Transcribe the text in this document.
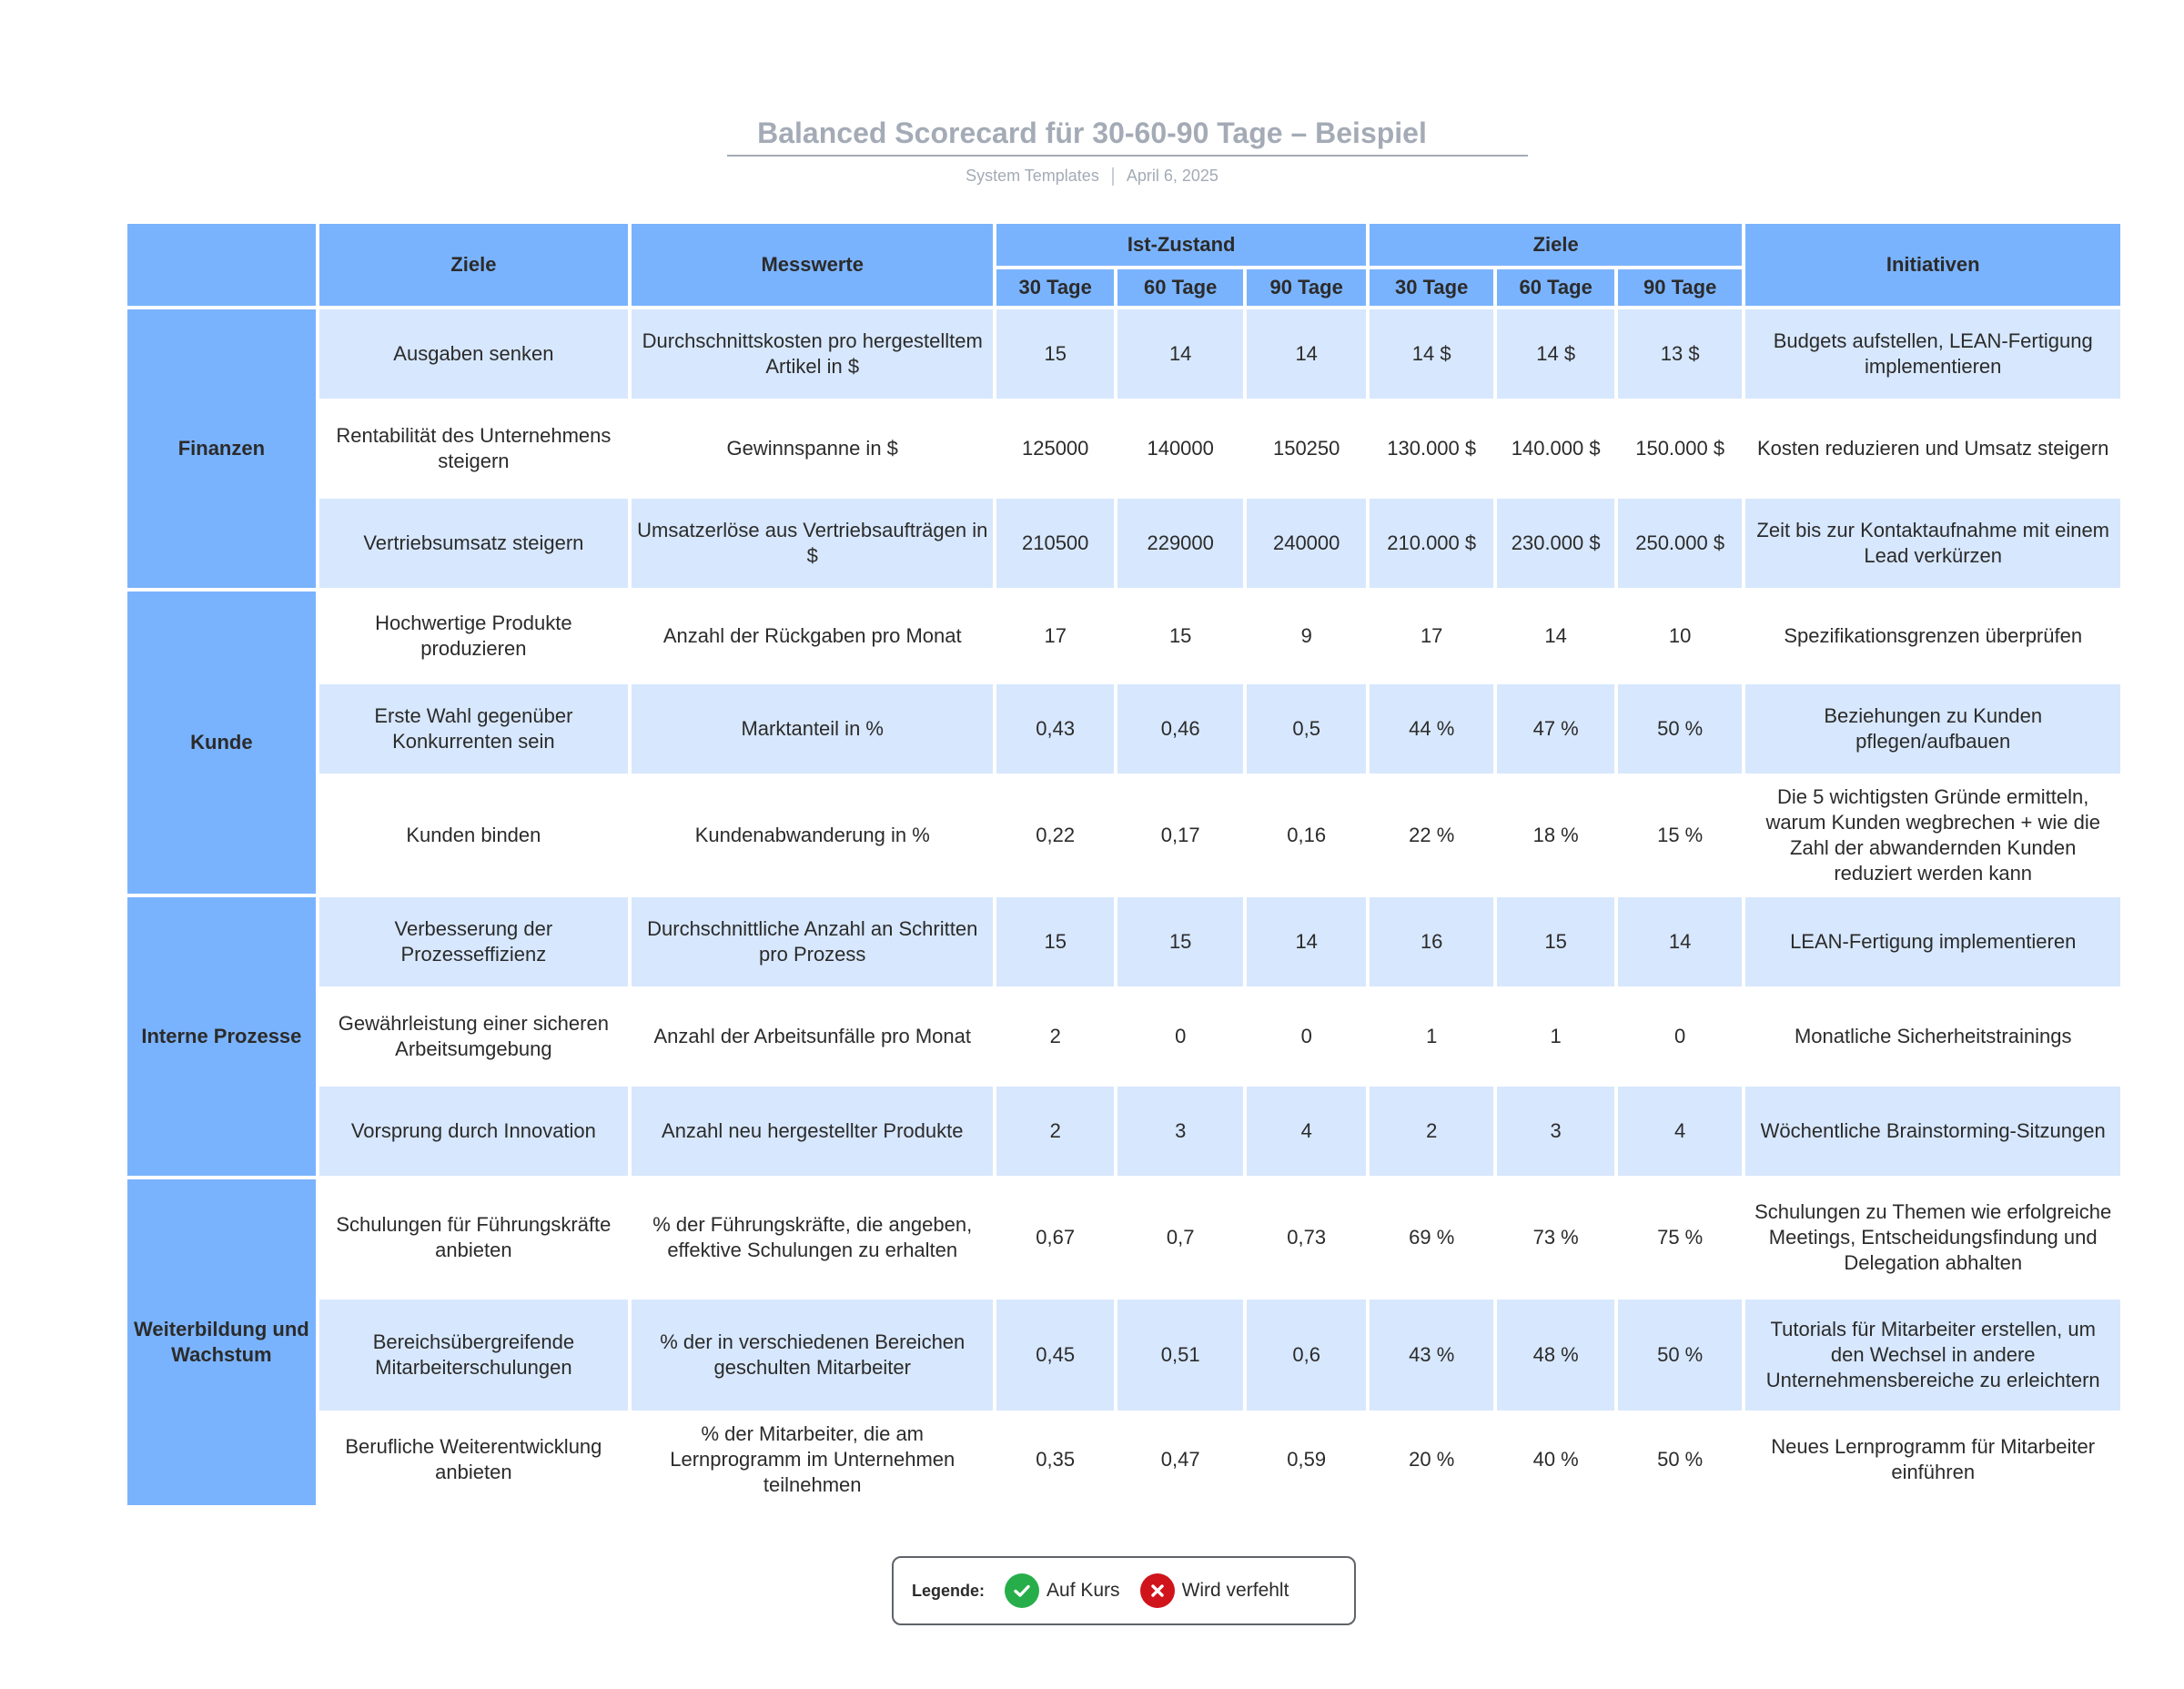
Balanced Scorecard für 30-60-90 Tage – Beispiel
System Templates April 6, 2025
	Ziele	Messwerte	Ist-Zustand			Ziele			Initiativen
			30 Tage	60 Tage	90 Tage	30 Tage	60 Tage	90 Tage	
Finanzen	Ausgaben senken	Durchschnittskosten pro hergestelltem Artikel in $	15	14	14	14 $	14 $	13 $	Budgets aufstellen, LEAN-Fertigung implementieren
	Rentabilität des Unternehmens steigern	Gewinnspanne in $	125000	140000	150250	130.000 $	140.000 $	150.000 $	Kosten reduzieren und Umsatz steigern
	Vertriebsumsatz steigern	Umsatzerlöse aus Vertriebsaufträgen in $	210500	229000	240000	210.000 $	230.000 $	250.000 $	Zeit bis zur Kontaktaufnahme mit einem Lead verkürzen
Kunde	Hochwertige Produkte produzieren	Anzahl der Rückgaben pro Monat	17	15	9	17	14	10	Spezifikationsgrenzen überprüfen
	Erste Wahl gegenüber Konkurrenten sein	Marktanteil in %	0,43	0,46	0,5	44 %	47 %	50 %	Beziehungen zu Kunden pflegen/aufbauen
	Kunden binden	Kundenabwanderung in %	0,22	0,17	0,16	22 %	18 %	15 %	Die 5 wichtigsten Gründe ermitteln, warum Kunden wegbrechen + wie die Zahl der abwandernden Kunden reduziert werden kann
Interne Prozesse	Verbesserung der Prozesseffizienz	Durchschnittliche Anzahl an Schritten pro Prozess	15	15	14	16	15	14	LEAN-Fertigung implementieren
	Gewährleistung einer sicheren Arbeitsumgebung	Anzahl der Arbeitsunfälle pro Monat	2	0	0	1	1	0	Monatliche Sicherheitstrainings
	Vorsprung durch Innovation	Anzahl neu hergestellter Produkte	2	3	4	2	3	4	Wöchentliche Brainstorming-Sitzungen
Weiterbildung und Wachstum	Schulungen für Führungskräfte anbieten	% der Führungskräfte, die angeben, effektive Schulungen zu erhalten	0,67	0,7	0,73	69 %	73 %	75 %	Schulungen zu Themen wie erfolgreiche Meetings, Entscheidungsfindung und Delegation abhalten
	Bereichsübergreifende Mitarbeiterschulungen	% der in verschiedenen Bereichen geschulten Mitarbeiter	0,45	0,51	0,6	43 %	48 %	50 %	Tutorials für Mitarbeiter erstellen, um den Wechsel in andere Unternehmensbereiche zu erleichtern
	Berufliche Weiterentwicklung anbieten	% der Mitarbeiter, die am Lernprogramm im Unternehmen teilnehmen	0,35	0,47	0,59	20 %	40 %	50 %	Neues Lernprogramm für Mitarbeiter einführen
Legende:	Auf Kurs	Wird verfehlt
